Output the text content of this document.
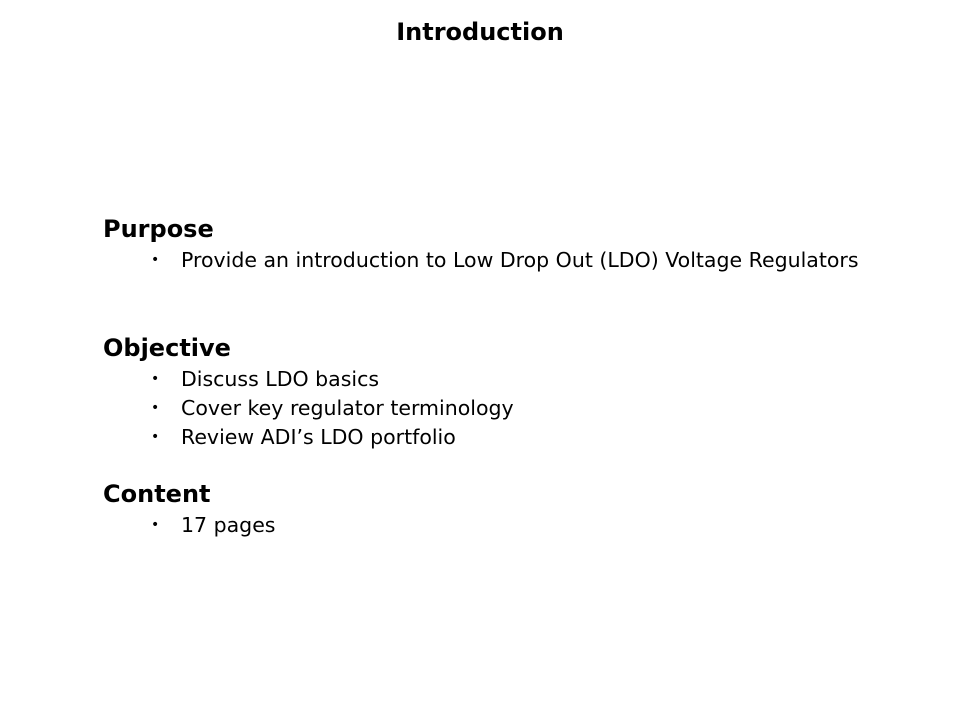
Introduction
Purpose
• Provide an introduction to Low Drop Out (LDO) Voltage Regulators
Objective
• Discuss LDO basics
• Cover key regulator terminology
• Review ADI’s LDO portfolio
Content
• 17 pages
